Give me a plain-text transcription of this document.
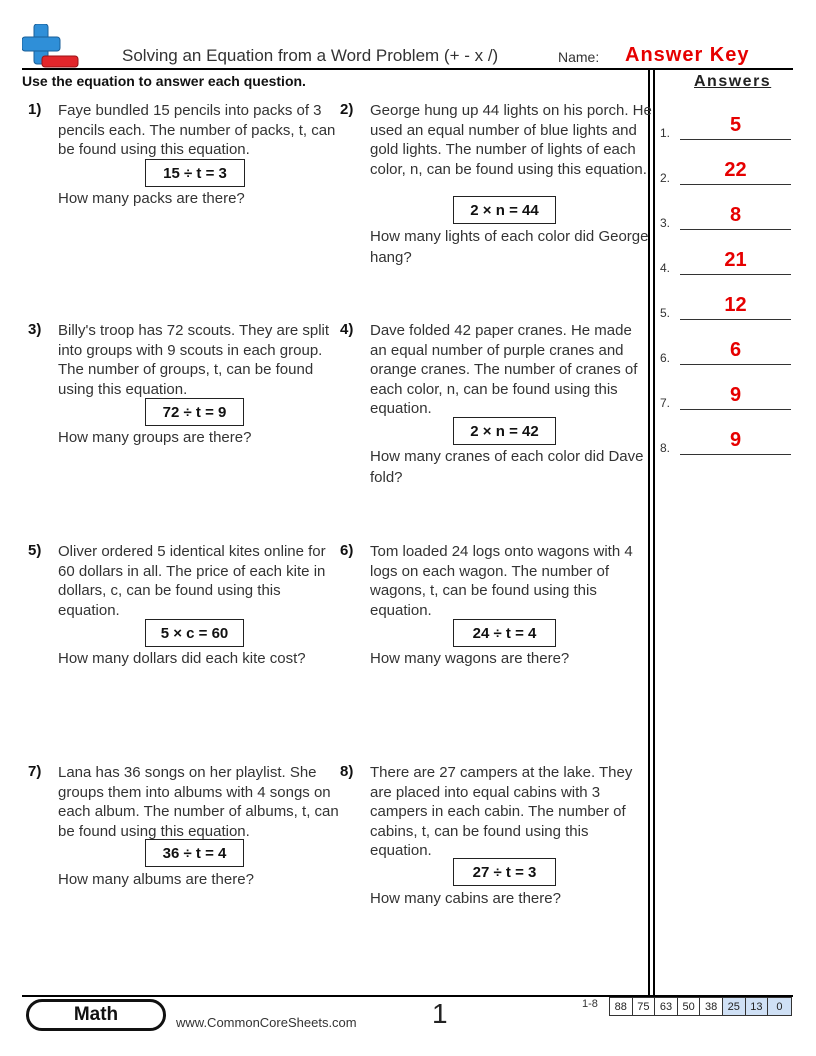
Solving an Equation from a Word Problem (+ - x /)	Name: Answer Key
Use the equation to answer each question.	Answers
1) Faye bundled 15 pencils into packs of 3 pencils each. The number of packs, t, can be found using this equation.
15 ÷ t = 3
How many packs are there?
2) George hung up 44 lights on his porch. He used an equal number of blue lights and gold lights. The number of lights of each color, n, can be found using this equation.
2 × n = 44
How many lights of each color did George hang?
3) Billy's troop has 72 scouts. They are split into groups with 9 scouts in each group. The number of groups, t, can be found using this equation.
72 ÷ t = 9
How many groups are there?
4) Dave folded 42 paper cranes. He made an equal number of purple cranes and orange cranes. The number of cranes of each color, n, can be found using this equation.
2 × n = 42
How many cranes of each color did Dave fold?
5) Oliver ordered 5 identical kites online for 60 dollars in all. The price of each kite in dollars, c, can be found using this equation.
5 × c = 60
How many dollars did each kite cost?
6) Tom loaded 24 logs onto wagons with 4 logs on each wagon. The number of wagons, t, can be found using this equation.
24 ÷ t = 4
How many wagons are there?
7) Lana has 36 songs on her playlist. She groups them into albums with 4 songs on each album. The number of albums, t, can be found using this equation.
36 ÷ t = 4
How many albums are there?
8) There are 27 campers at the lake. They are placed into equal cabins with 3 campers in each cabin. The number of cabins, t, can be found using this equation.
27 ÷ t = 3
How many cabins are there?
1.	5
2.	22
3.	8
4.	21
5.	12
6.	6
7.	9
8.	9
Math	www.CommonCoreSheets.com	1	1-8	88 75 63 50 38 25 13	0
